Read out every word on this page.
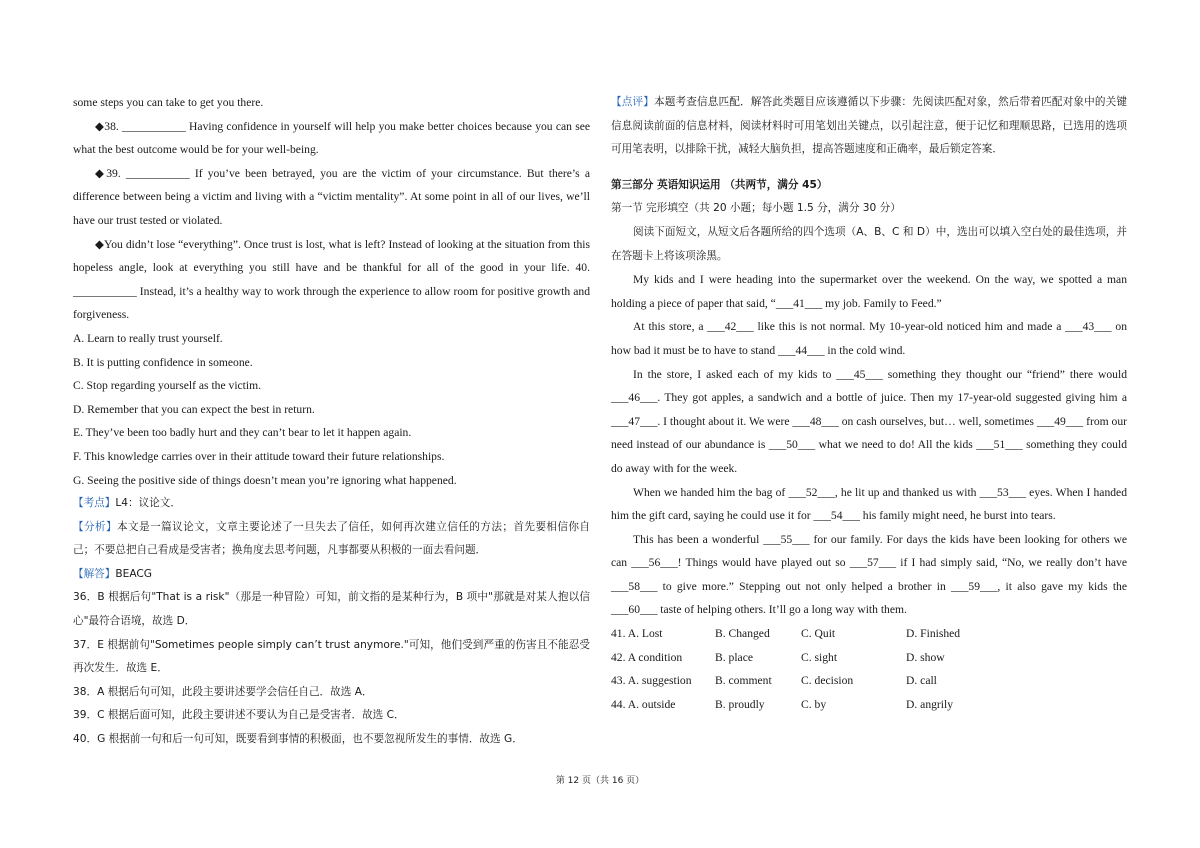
some steps you can take to get you there.

◆38. ___________ Having confidence in yourself will help you make better choices because you can see what the best outcome would be for your well-being.

◆39. ___________ If you’ve been betrayed, you are the victim of your circumstance. But there’s a difference between being a victim and living with a “victim mentality”. At some point in all of our lives, we’ll have our trust tested or violated.

◆You didn’t lose “everything”. Once trust is lost, what is left? Instead of looking at the situation from this hopeless angle, look at everything you still have and be thankful for all of the good in your life. 40. ___________ Instead, it’s a healthy way to work through the experience to allow room for positive growth and forgiveness.

A. Learn to really trust yourself.

B. It is putting confidence in someone.

C. Stop regarding yourself as the victim.

D. Remember that you can expect the best in return.

E. They’ve been too badly hurt and they can’t bear to let it happen again.

F. This knowledge carries over in their attitude toward their future relationships.

G. Seeing the positive side of things doesn’t mean you’re ignoring what happened.

【考点】L4：议论文．

【分析】本文是一篇议论文，文章主要论述了一旦失去了信任，如何再次建立信任的方法；首先要相信你自己；不要总把自己看成是受害者；换角度去思考问题，凡事都要从积极的一面去看问题．

【解答】BEACG

36．B 根据后句"That is a risk"（那是一种冒险）可知，前文指的是某种行为，B 项中"那就是对某人抱以信心"最符合语境，故选 D．

37．E 根据前句"Sometimes people simply can’t trust anymore."可知，他们受到严重的伤害且不能忍受再次发生．故选 E．

38．A 根据后句可知，此段主要讲述要学会信任自己．故选 A．

39．C 根据后面可知，此段主要讲述不要认为自己是受害者．故选 C．

40．G 根据前一句和后一句可知，既要看到事情的积极面，也不要忽视所发生的事情．故选 G．

【点评】本题考查信息匹配．解答此类题目应该遵循以下步骤：先阅读匹配对象，然后带着匹配对象中的关键信息阅读前面的信息材料，阅读材料时可用笔划出关键点，以引起注意，便于记忆和理顺思路，已选用的选项可用笔表明，以排除干扰，减轻大脑负担，提高答题速度和正确率，最后锁定答案．

第三部分 英语知识运用 （共两节，满分 45）

第一节 完形填空（共 20 小题；每小题 1.5 分，满分 30 分）

阅读下面短文，从短文后各题所给的四个选项（A、B、C 和 D）中，选出可以填入空白处的最佳选项，并在答题卡上将该项涂黑。

My kids and I were heading into the supermarket over the weekend. On the way, we spotted a man holding a piece of paper that said, “___41___ my job. Family to Feed.”

At this store, a ___42___ like this is not normal. My 10-year-old noticed him and made a ___43___ on how bad it must be to have to stand ___44___ in the cold wind.

In the store, I asked each of my kids to ___45___ something they thought our “friend” there would ___46___. They got apples, a sandwich and a bottle of juice. Then my 17-year-old suggested giving him a ___47___. I thought about it. We were ___48___ on cash ourselves, but… well, sometimes ___49___ from our need instead of our abundance is ___50___ what we need to do! All the kids ___51___ something they could do away with for the week.

When we handed him the bag of ___52___, he lit up and thanked us with ___53___ eyes. When I handed him the gift card, saying he could use it for ___54___ his family might need, he burst into tears.

This has been a wonderful ___55___ for our family. For days the kids have been looking for others we can ___56___! Things would have played out so ___57___ if I had simply said, “No, we really don’t have ___58___ to give more.” Stepping out not only helped a brother in ___59___, it also gave my kids the ___60___ taste of helping others. It’ll go a long way with them.

41. A. Lost	B. Changed	C. Quit	D. Finished
42. A condition	B. place	C. sight	D. show
43. A. suggestion	B. comment	C. decision	D. call
44. A. outside	B. proudly	C. by	D. angrily
第 12 页（共 16 页）
